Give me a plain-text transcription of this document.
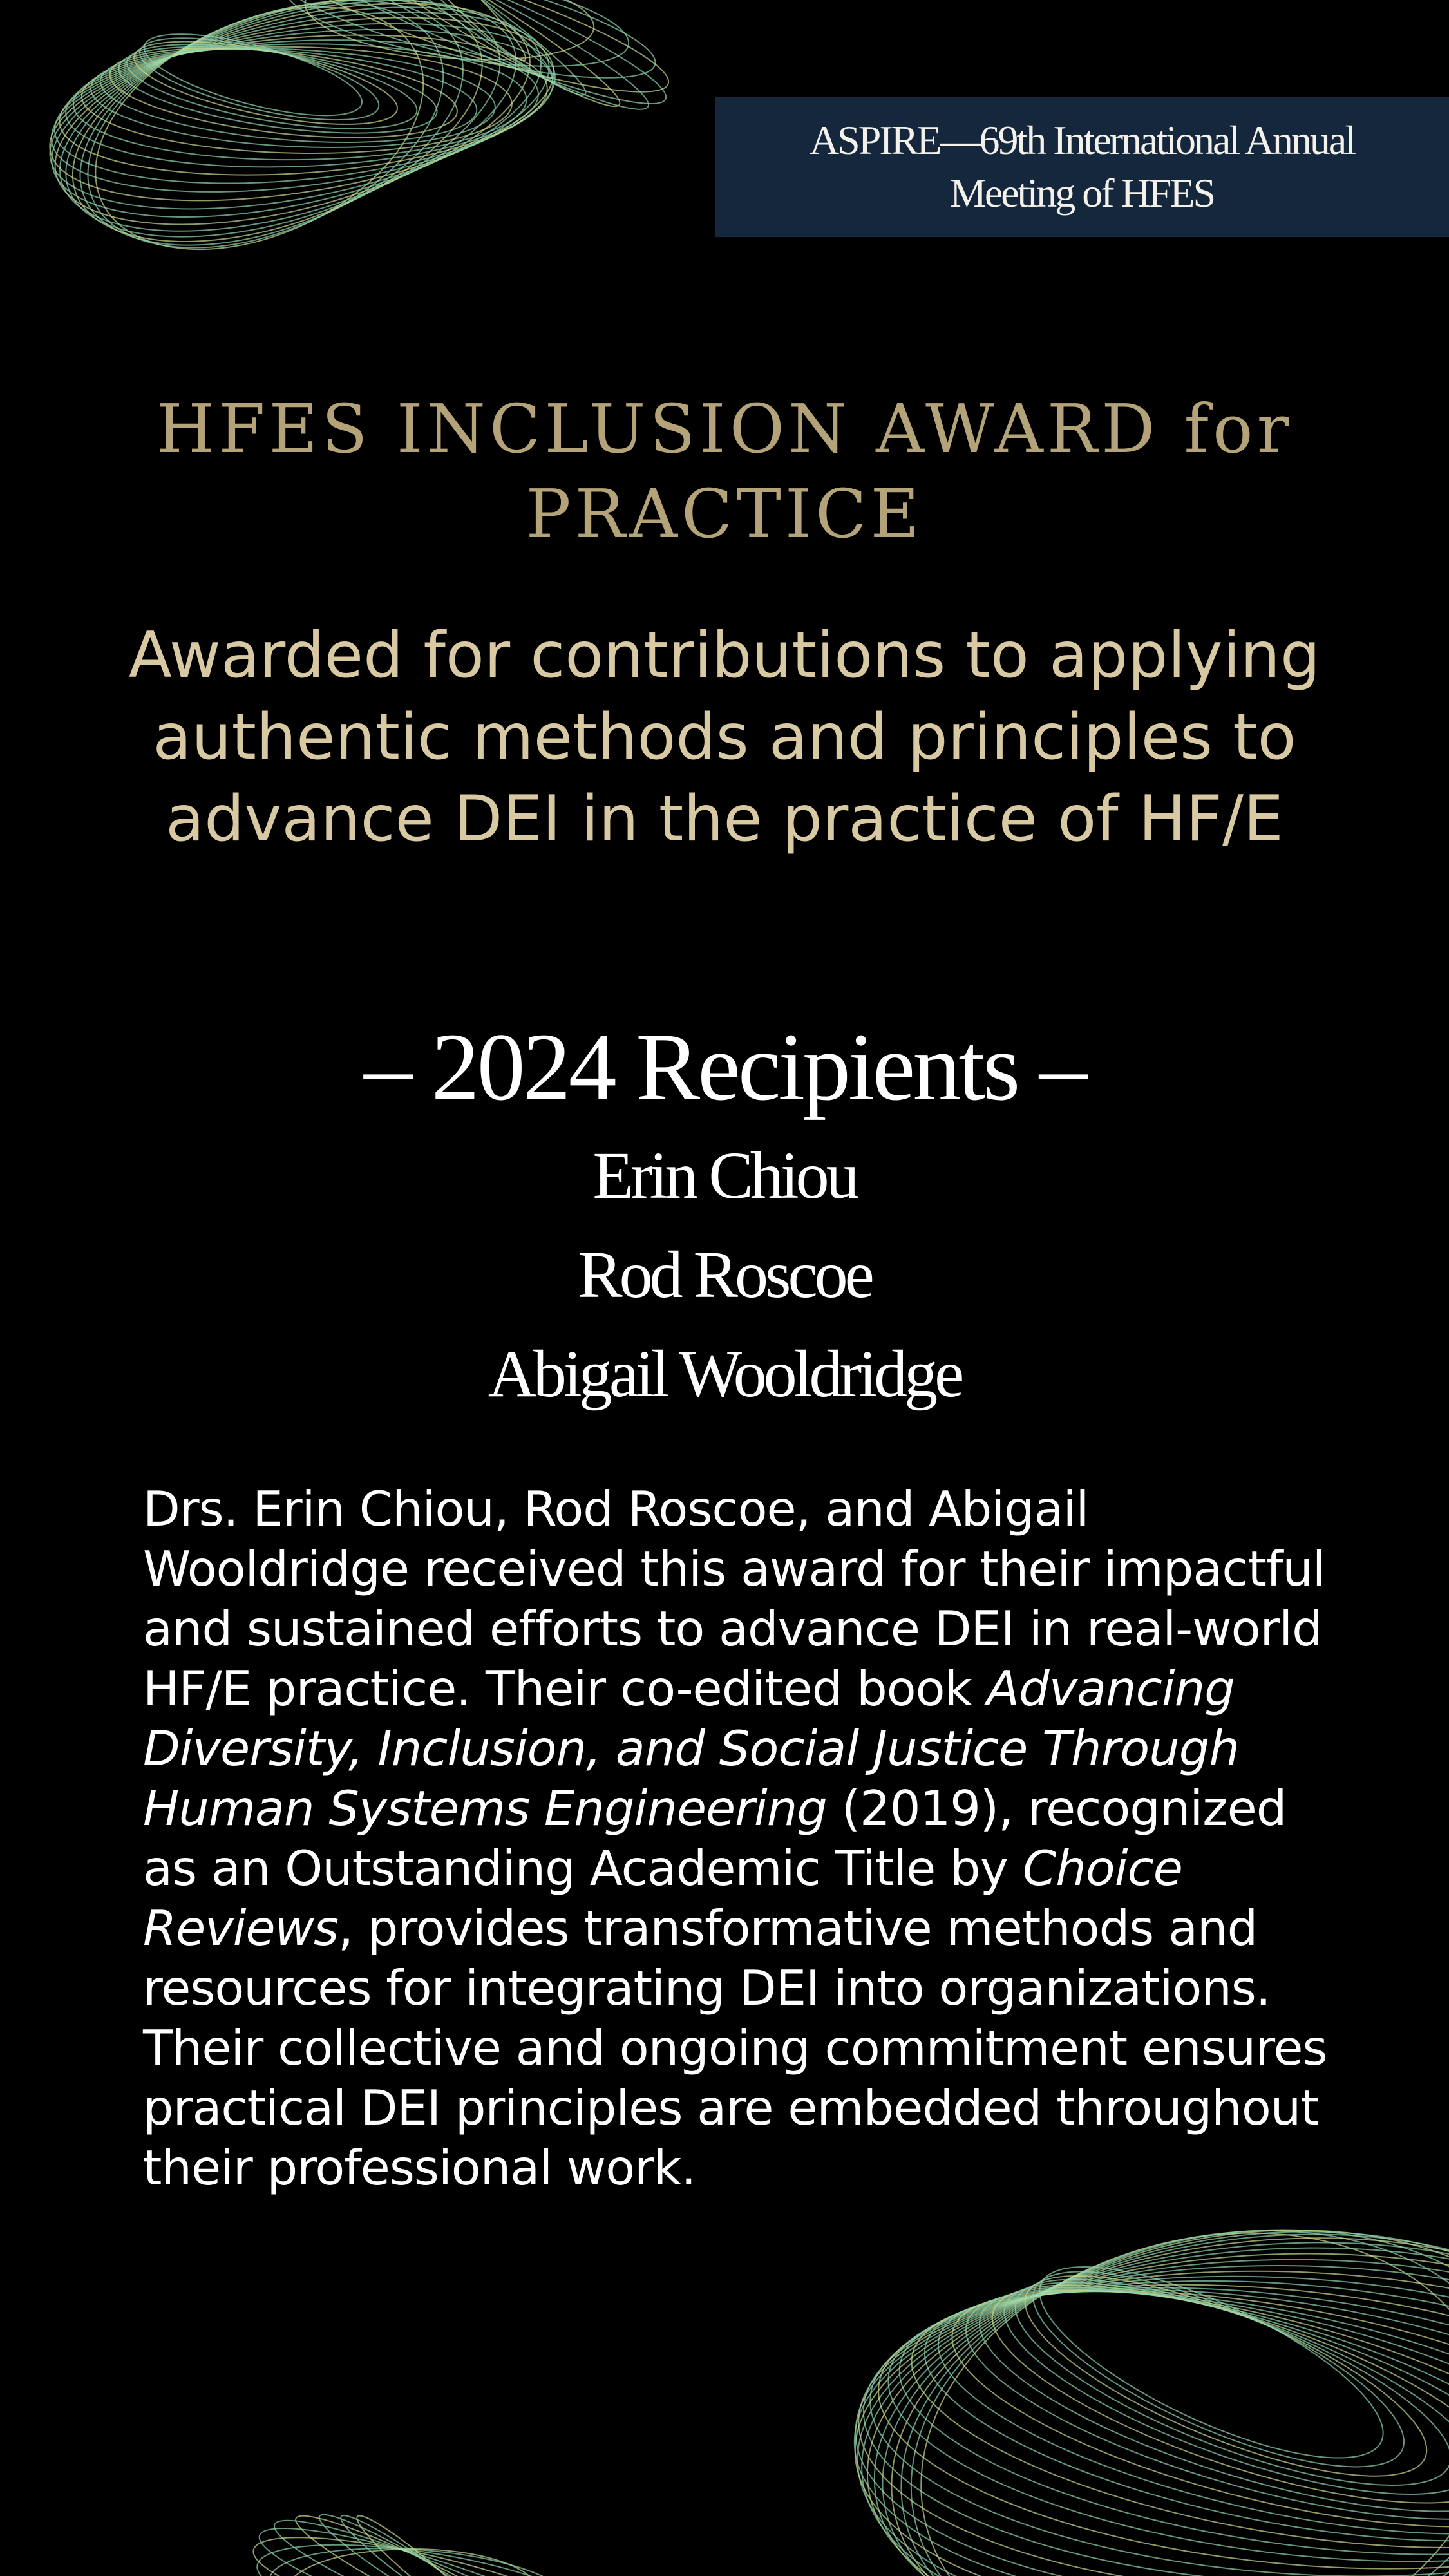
ASPIRE—69th International Annual Meeting of HFES
HFES INCLUSION AWARD for PRACTICE
Awarded for contributions to applying authentic methods and principles to advance DEI in the practice of HF/E
– 2024 Recipients –
Erin Chiou
Rod Roscoe
Abigail Wooldridge
Drs. Erin Chiou, Rod Roscoe, and Abigail Wooldridge received this award for their impactful and sustained efforts to advance DEI in real-world HF/E practice. Their co-edited book Advancing Diversity, Inclusion, and Social Justice Through Human Systems Engineering (2019), recognized as an Outstanding Academic Title by Choice Reviews, provides transformative methods and resources for integrating DEI into organizations. Their collective and ongoing commitment ensures practical DEI principles are embedded throughout their professional work.
